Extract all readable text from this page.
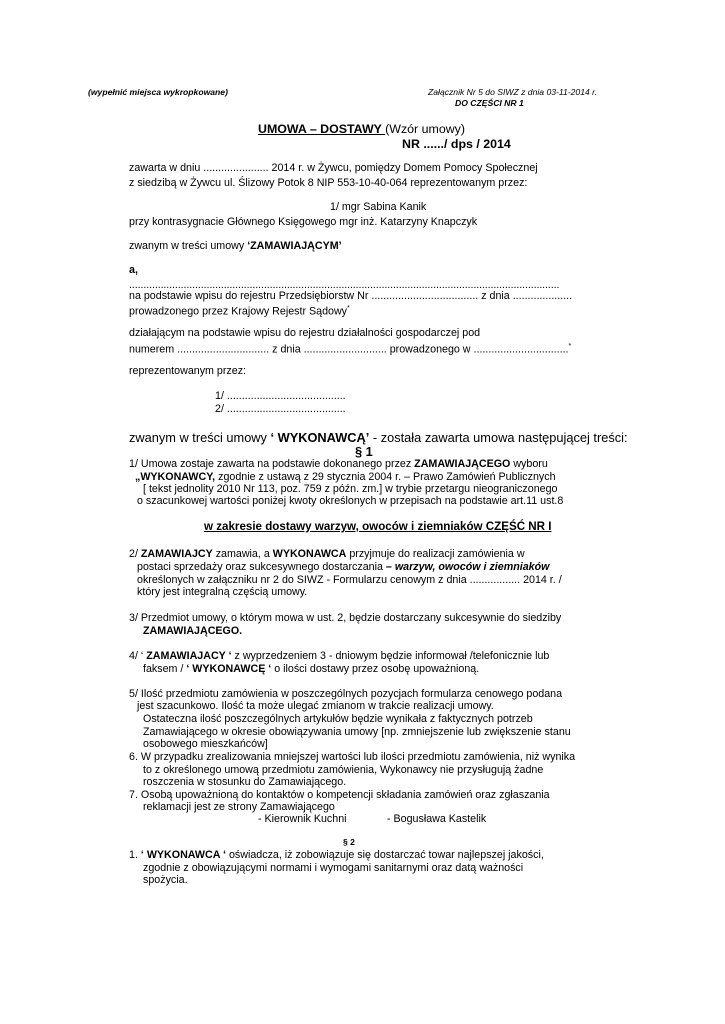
(wypełnić miejsca wykropkowane)	Załącznik Nr 5 do SIWZ z dnia 03-11-2014 r.
DO CZĘŚCI NR 1
UMOWA – DOSTAWY (Wzór umowy)
NR ....../ dps / 2014
zawarta w dniu ...................... 2014 r. w Żywcu, pomiędzy Domem Pomocy Społecznej
z siedzibą w Żywcu ul. Ślizowy Potok 8 NIP 553-10-40-064 reprezentowanym przez:
1/ mgr Sabina Kanik
przy kontrasygnacie Głównego Księgowego mgr inż. Katarzyny Knapczyk
zwanym w treści umowy ‘ZAMAWIAJĄCYM’
a,
......................................................................................................................................................
na podstawie wpisu do rejestru Przedsiębiorstw Nr .................................... z dnia ....................
prowadzonego przez Krajowy Rejestr Sądowy*
działającym na podstawie wpisu do rejestru działalności gospodarczej pod
numerem ............................... z dnia ............................ prowadzonego w ................................*
reprezentowanym przez:
1/ ........................................
2/ ........................................
zwanym w treści umowy ‘ WYKONAWCĄ’ - została zawarta umowa następującej treści:
§ 1
1/ Umowa zostaje zawarta na podstawie dokonanego przez ZAMAWIAJĄCEGO wyboru
„WYKONAWCY, zgodnie z ustawą z 29 stycznia 2004 r. – Prawo Zamówień Publicznych
[ tekst jednolity 2010 Nr 113, poz. 759 z późn. zm.] w trybie przetargu nieograniczonego
o szacunkowej wartości poniżej kwoty określonych w przepisach na podstawie art.11 ust.8
w zakresie dostawy warzyw, owoców i ziemniaków CZĘŚĆ NR I
2/ ZAMAWIAJCY zamawia, a WYKONAWCA przyjmuje do realizacji zamówienia w
postaci sprzedaży oraz sukcesywnego dostarczania – warzyw, owoców i ziemniaków
określonych w załączniku nr 2 do SIWZ - Formularzu cenowym z dnia ................. 2014 r. /
który jest integralną częścią umowy.
3/ Przedmiot umowy, o którym mowa w ust. 2, będzie dostarczany sukcesywnie do siedziby
ZAMAWIAJĄCEGO.
4/ ‘ ZAMAWIAJACY ‘ z wyprzedzeniem 3 - dniowym będzie informował /telefonicznie lub
faksem / ‘ WYKONAWCĘ ‘ o ilości dostawy przez osobę upoważnioną.
5/ Ilość przedmiotu zamówienia w poszczególnych pozycjach formularza cenowego podana
jest szacunkowo. Ilość ta może ulegać zmianom w trakcie realizacji umowy.
Ostateczna ilość poszczególnych artykułów będzie wynikała z faktycznych potrzeb
Zamawiającego w okresie obowiązywania umowy [np. zmniejszenie lub zwiększenie stanu
osobowego mieszkańców]
6. W przypadku zrealizowania mniejszej wartości lub ilości przedmiotu zamówienia, niż wynika
to z określonego umową przedmiotu zamówienia, Wykonawcy nie przysługują żadne
roszczenia w stosunku do Zamawiającego.
7. Osobą upoważnioną do kontaktów o kompetencji składania zamówień oraz zgłaszania
reklamacji jest ze strony Zamawiającego
- Kierownik Kuchni	- Bogusława Kastelik
§ 2
1. ‘ WYKONAWCA ‘ oświadcza, iż zobowiązuje się dostarczać towar najlepszej jakości,
zgodnie z obowiązującymi normami i wymogami sanitarnymi oraz datą ważności
spożycia.
